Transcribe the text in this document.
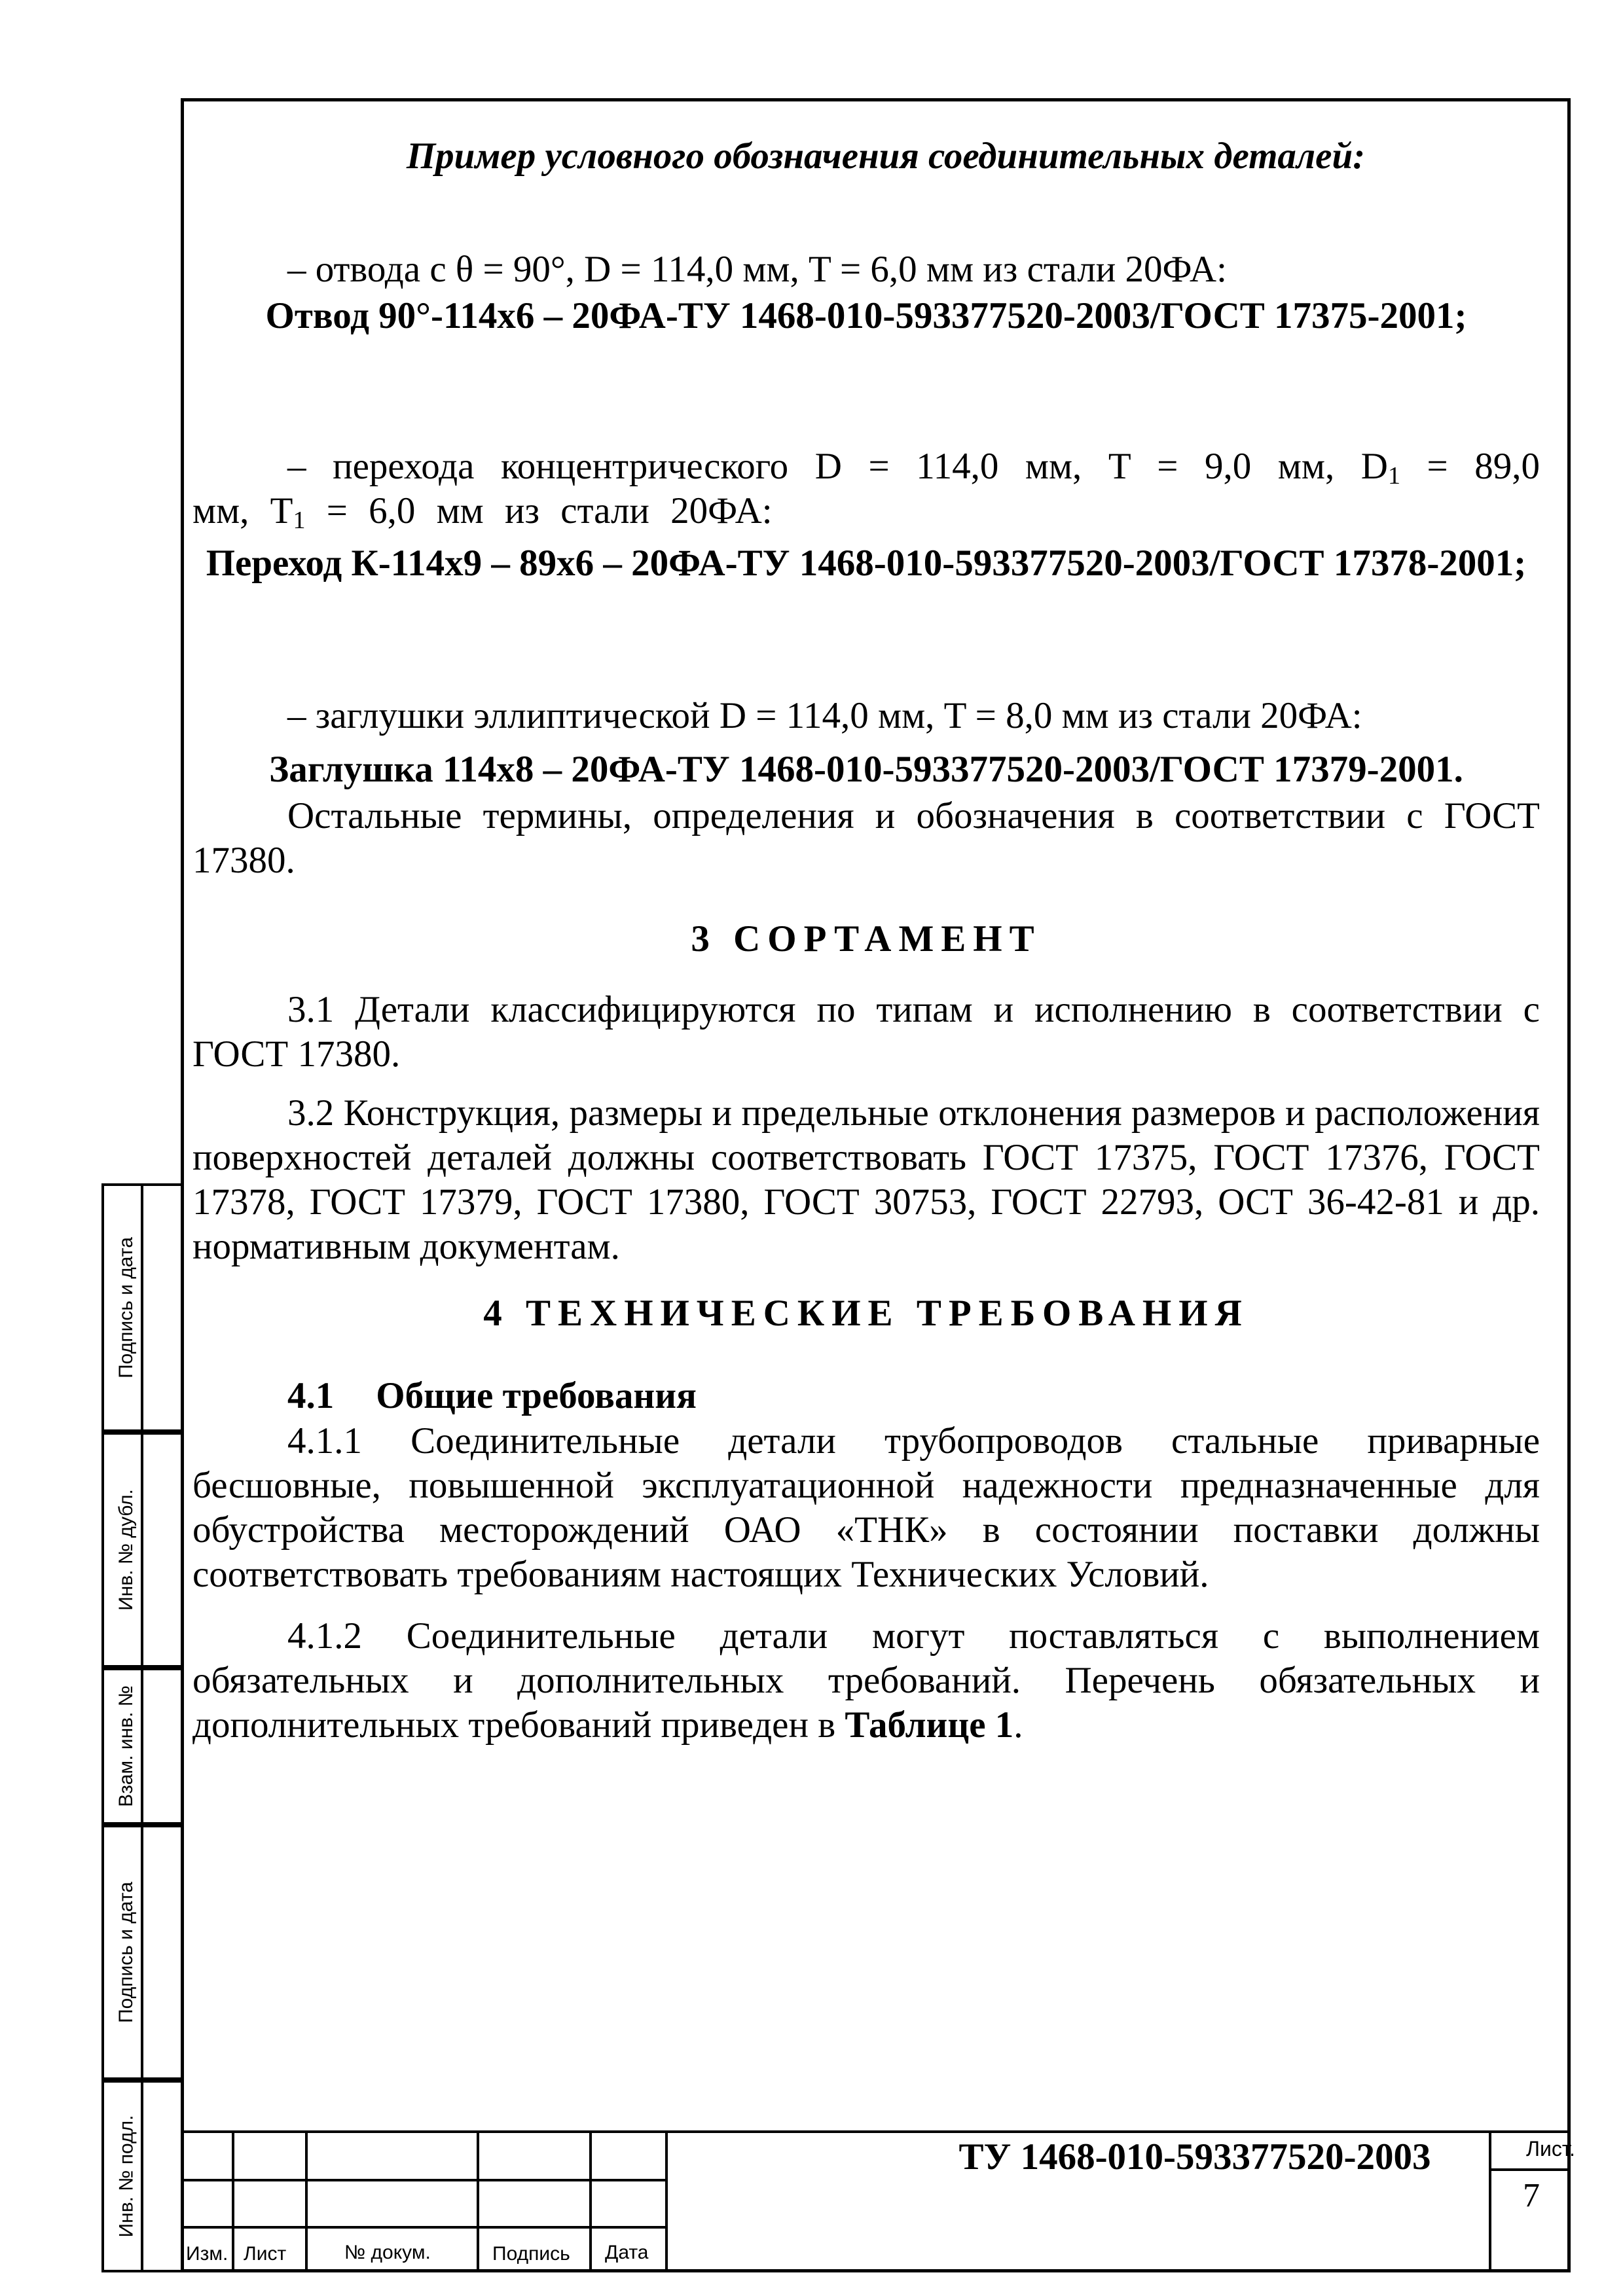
Пример условного обозначения соединительных деталей:

– отвода с θ = 90°, D = 114,0 мм, T = 6,0 мм из стали 20ФА:

Отвод 90°-114х6 – 20ФА-ТУ 1468-010-593377520-2003/ГОСТ 17375-2001;

– перехода концентрического D = 114,0 мм, T = 9,0 мм, $D_1 = 89,0$ мм, $T_1 = 6,0$ мм из стали 20ФА:

Переход К-114х9 – 89х6 – 20ФА-ТУ 1468-010-593377520-2003/ГОСТ 17378-2001;

– заглушки эллиптической D = 114,0 мм, T = 8,0 мм из стали 20ФА:

Заглушка 114х8 – 20ФА-ТУ 1468-010-593377520-2003/ГОСТ 17379-2001.

Остальные термины, определения и обозначения в соответствии с ГОСТ 17380.

3 СОРТАМЕНТ

3.1 Детали классифицируются по типам и исполнению в соответствии с ГОСТ 17380.

3.2 Конструкция, размеры и предельные отклонения размеров и расположения поверхностей деталей должны соответствовать ГОСТ 17375, ГОСТ 17376, ГОСТ 17378, ГОСТ 17379, ГОСТ 17380, ГОСТ 30753, ГОСТ 22793, ОСТ 36-42-81 и др. нормативным документам.

4 ТЕХНИЧЕСКИЕ ТРЕБОВАНИЯ

4.1 Общие требования

4.1.1 Соединительные детали трубопроводов стальные приварные бесшовные, повышенной эксплуатационной надежности предназначенные для обустройства месторождений ОАО «ТНК» в состоянии поставки должны соответствовать требованиям настоящих Технических Условий.

4.1.2 Соединительные детали могут поставляться с выполнением обязательных и дополнительных требований. Перечень обязательных и дополнительных требований приведен в Таблице 1.

Подпись и дата
Инв. № дубл.
Взам. инв. №
Подпись и дата
Инв. № подл.
Изм. Лист	№ докум.	Подпись Дата
ТУ 1468-010-593377520-2003	Лист.
7
